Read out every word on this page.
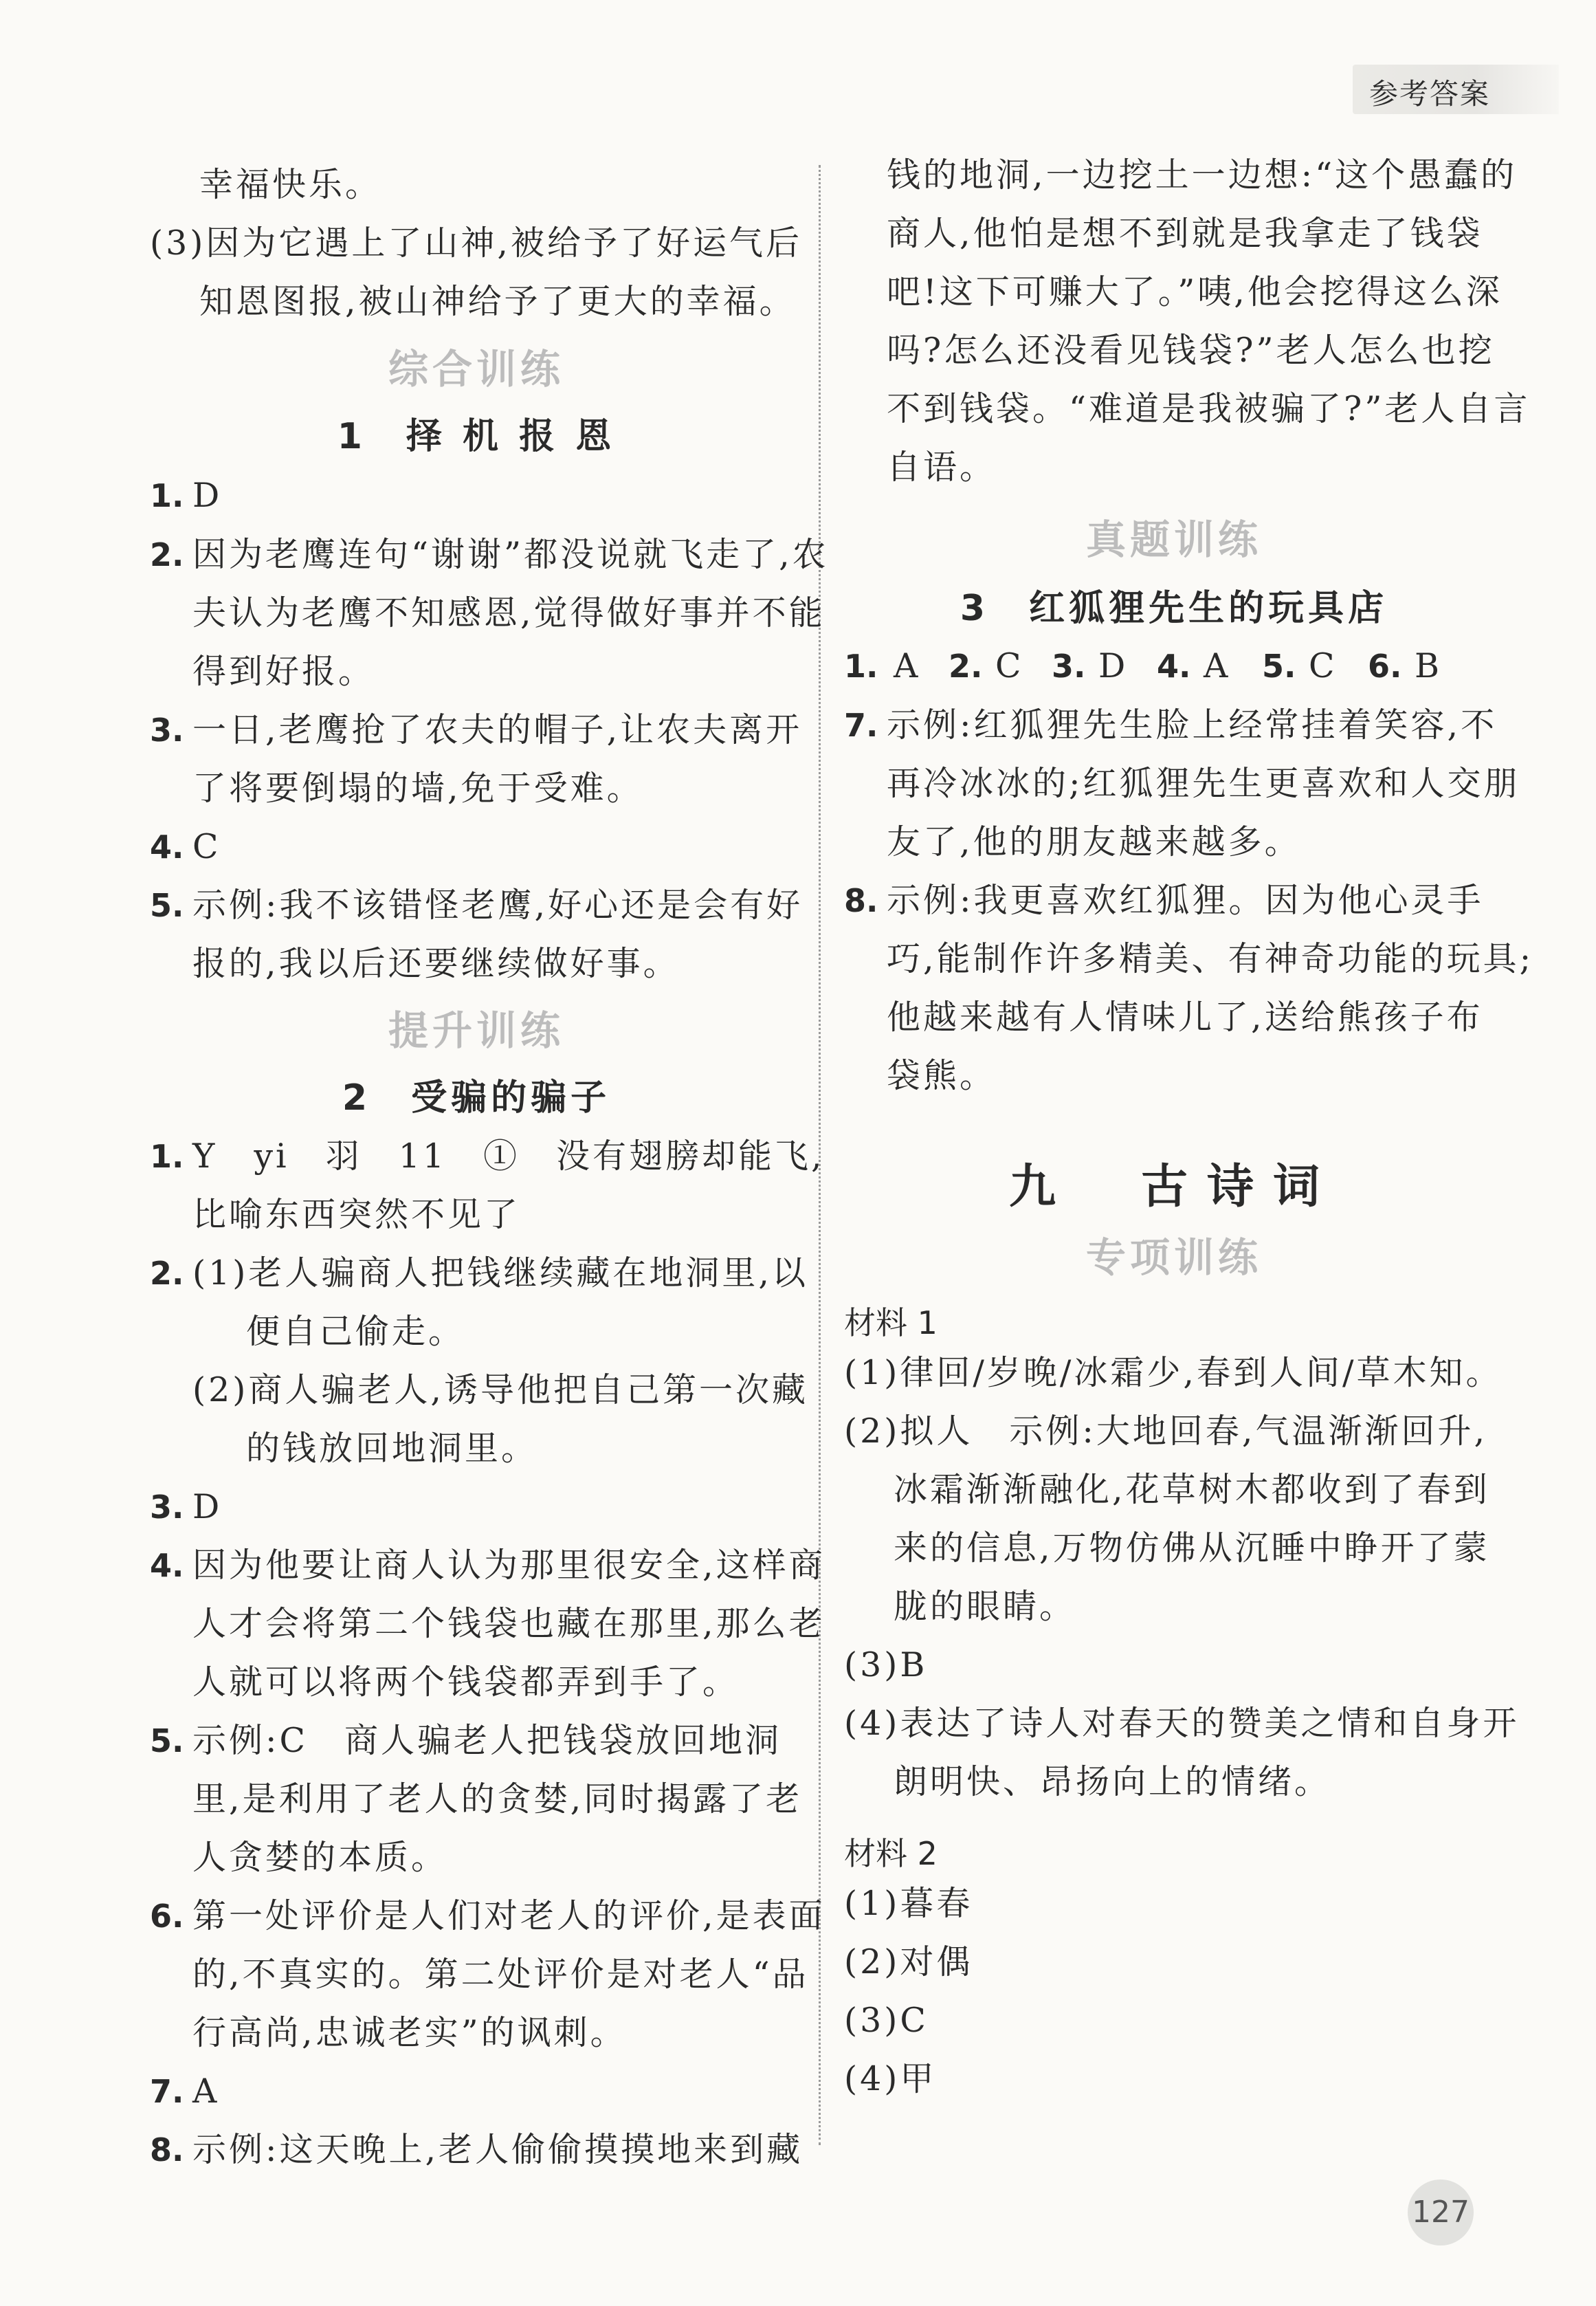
参考答案
幸福快乐。
(3)因为它遇上了山神,被给予了好运气后
知恩图报,被山神给予了更大的幸福。
综合训练
1　择 机 报 恩
1. D
2. 因为老鹰连句“谢谢”都没说就飞走了,农
夫认为老鹰不知感恩,觉得做好事并不能
得到好报。
3. 一日,老鹰抢了农夫的帽子,让农夫离开
了将要倒塌的墙,免于受难。
4. C
5. 示例:我不该错怪老鹰,好心还是会有好
报的,我以后还要继续做好事。
提升训练
2　受骗的骗子
1. Y　yi　羽　11　①　没有翅膀却能飞,
比喻东西突然不见了
2. (1)老人骗商人把钱继续藏在地洞里,以
便自己偷走。
(2)商人骗老人,诱导他把自己第一次藏
的钱放回地洞里。
3. D
4. 因为他要让商人认为那里很安全,这样商
人才会将第二个钱袋也藏在那里,那么老
人就可以将两个钱袋都弄到手了。
5. 示例:C　商人骗老人把钱袋放回地洞
里,是利用了老人的贪婪,同时揭露了老
人贪婪的本质。
6. 第一处评价是人们对老人的评价,是表面
的,不真实的。第二处评价是对老人“品
行高尚,忠诚老实”的讽刺。
7. A
8. 示例:这天晚上,老人偷偷摸摸地来到藏
钱的地洞,一边挖土一边想:“这个愚蠢的
商人,他怕是想不到就是我拿走了钱袋
吧!这下可赚大了。”咦,他会挖得这么深
吗?怎么还没看见钱袋?”老人怎么也挖
不到钱袋。“难道是我被骗了?”老人自言
自语。
真题训练
3　红狐狸先生的玩具店
1. A 2. C 3. D 4. A 5. C 6. B
7. 示例:红狐狸先生脸上经常挂着笑容,不
再冷冰冰的;红狐狸先生更喜欢和人交朋
友了,他的朋友越来越多。
8. 示例:我更喜欢红狐狸。因为他心灵手
巧,能制作许多精美、有神奇功能的玩具;
他越来越有人情味儿了,送给熊孩子布
袋熊。
九　古诗词
专项训练
材料 1
(1)律回/岁晚/冰霜少,春到人间/草木知。
(2)拟人　示例:大地回春,气温渐渐回升,
冰霜渐渐融化,花草树木都收到了春到
来的信息,万物仿佛从沉睡中睁开了蒙
胧的眼睛。
(3)B
(4)表达了诗人对春天的赞美之情和自身开
朗明快、昂扬向上的情绪。
材料 2
(1)暮春
(2)对偶
(3)C
(4)甲
127
